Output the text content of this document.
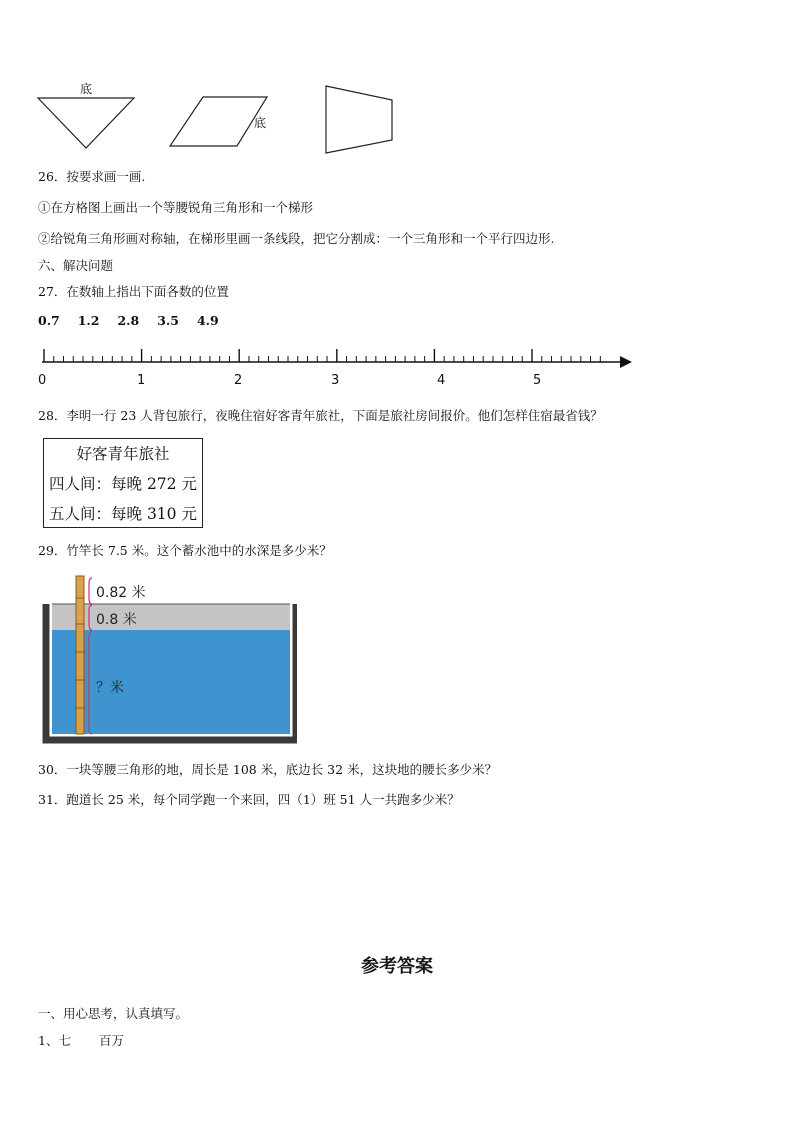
底
底
26．按要求画一画.
①在方格图上画出一个等腰锐角三角形和一个梯形
②给锐角三角形画对称轴，在梯形里画一条线段，把它分割成：一个三角形和一个平行四边形.
六、解决问题
27．在数轴上指出下面各数的位置
0.7 1.2 2.8 3.5 4.9
0	1	2	3	4	5
28．李明一行 23 人背包旅行，夜晚住宿好客青年旅社，下面是旅社房间报价。他们怎样住宿最省钱？
好客青年旅社
四人间：每晚 272 元
五人间：每晚 310 元
29．竹竿长 7.5 米。这个蓄水池中的水深是多少米？
0.82 米
0.8 米
？米
30．一块等腰三角形的地，周长是 108 米，底边长 32 米，这块地的腰长多少米？
31．跑道长 25 米，每个同学跑一个来回，四（1）班 51 人一共跑多少米？
参考答案
一、用心思考，认真填写。
1、七 百万
